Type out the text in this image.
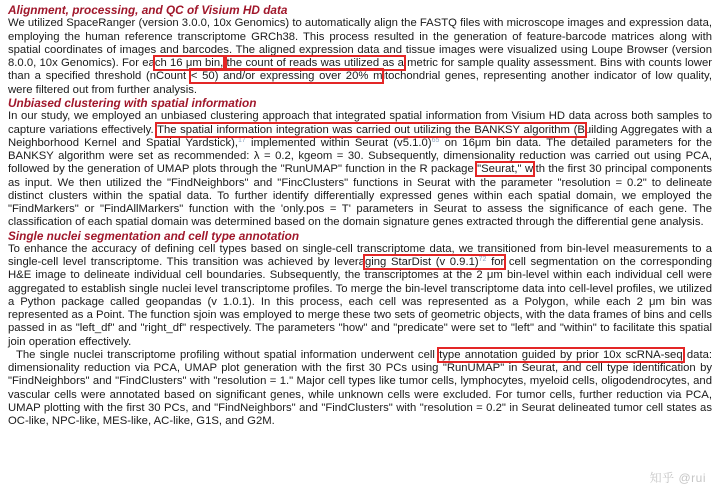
Alignment, processing, and QC of Visium HD data

We utilized SpaceRanger (version 3.0.0, 10x Genomics) to automatically align the FASTQ files with microscope images and expression data, employing the human reference transcriptome GRCh38. This process resulted in the generation of feature-barcode matrices along with spatial coordinates of images and barcodes. The aligned expression data and tissue images were visualized using Loupe Browser (version 8.0.0, 10x Genomics). For each 16 μm bin, the count of reads was utilized as a metric for sample quality assessment. Bins with counts lower than a specified threshold (nCount < 50) and/or expressing over 20% mitochondrial genes, representing another indicator of low quality, were filtered out from further analysis.

Unbiased clustering with spatial information

In our study, we employed an unbiased clustering approach that integrated spatial information from Visium HD data across both samples to capture variations effectively. The spatial information integration was carried out utilizing the BANKSY algorithm (Building Aggregates with a Neighborhood Kernel and Spatial Yardstick),$^{17}$ implemented within Seurat $(v5.1.0)^{65}$ on 16μm bin data. The detailed parameters for the BANKSY algorithm were set as recommended: λ = 0.2, kgeom = 30. Subsequently, dimensionality reduction was carried out using PCA, followed by the generation of UMAP plots through the "RunUMAP" function in the R package "Seurat," with the first 30 principal components as input. We then utilized the "FindNeighbors" and "FincClusters" functions in Seurat with the parameter "resolution = 0.2" to delineate distinct clusters within the spatial data. To further identify differentially expressed genes within each spatial domain, we employed the "FindMarkers" or "FindAllMarkers" function with the 'only.pos = T' parameters in Seurat to assess the significance of each gene. The classification of each spatial domain was determined based on the domain signature genes extracted through the differential gene analysis.

Single nuclei segmentation and cell type annotation

To enhance the accuracy of defining cell types based on single-cell transcriptome data, we transitioned from bin-level measurements to a single-cell level transcriptome. This transition was achieved by leveraging StarDist (v 0.9.1)$^{72}$ for cell segmentation on the corresponding H&E image to delineate individual cell boundaries. Subsequently, the transcriptomes at the 2 μm bin-level within each individual cell were aggregated to establish single nuclei level transcriptome profiles. To merge the bin-level transcriptome data into cell-level profiles, we utilized a Python package called geopandas (v 1.0.1). In this process, each cell was represented as a Polygon, while each 2 μm bin was represented as a Point. The function sjoin was employed to merge these two sets of geometric objects, with the data frames of bins and cells passed in as "left_df" and "right_df" respectively. The parameters "how" and "predicate" were set to "left" and "within" to facilitate this spatial join operation effectively.

The single nuclei transcriptome profiling without spatial information underwent cell type annotation guided by prior 10x scRNA-seq data: dimensionality reduction via PCA, UMAP plot generation with the first 30 PCs using "RunUMAP" in Seurat, and cell type identification by "FindNeighbors" and "FindClusters" with "resolution = 1." Major cell types like tumor cells, lymphocytes, myeloid cells, oligodendrocytes, and vascular cells were annotated based on significant genes, while unknown cells were excluded. For tumor cells, further reduction via PCA, UMAP plotting with the first 30 PCs, and "FindNeighbors" and "FindClusters" with "resolution = 0.2" in Seurat delineated tumor cell states as OC-like, NPC-like, MES-like, AC-like, G1S, and G2M.

知乎 @rui
